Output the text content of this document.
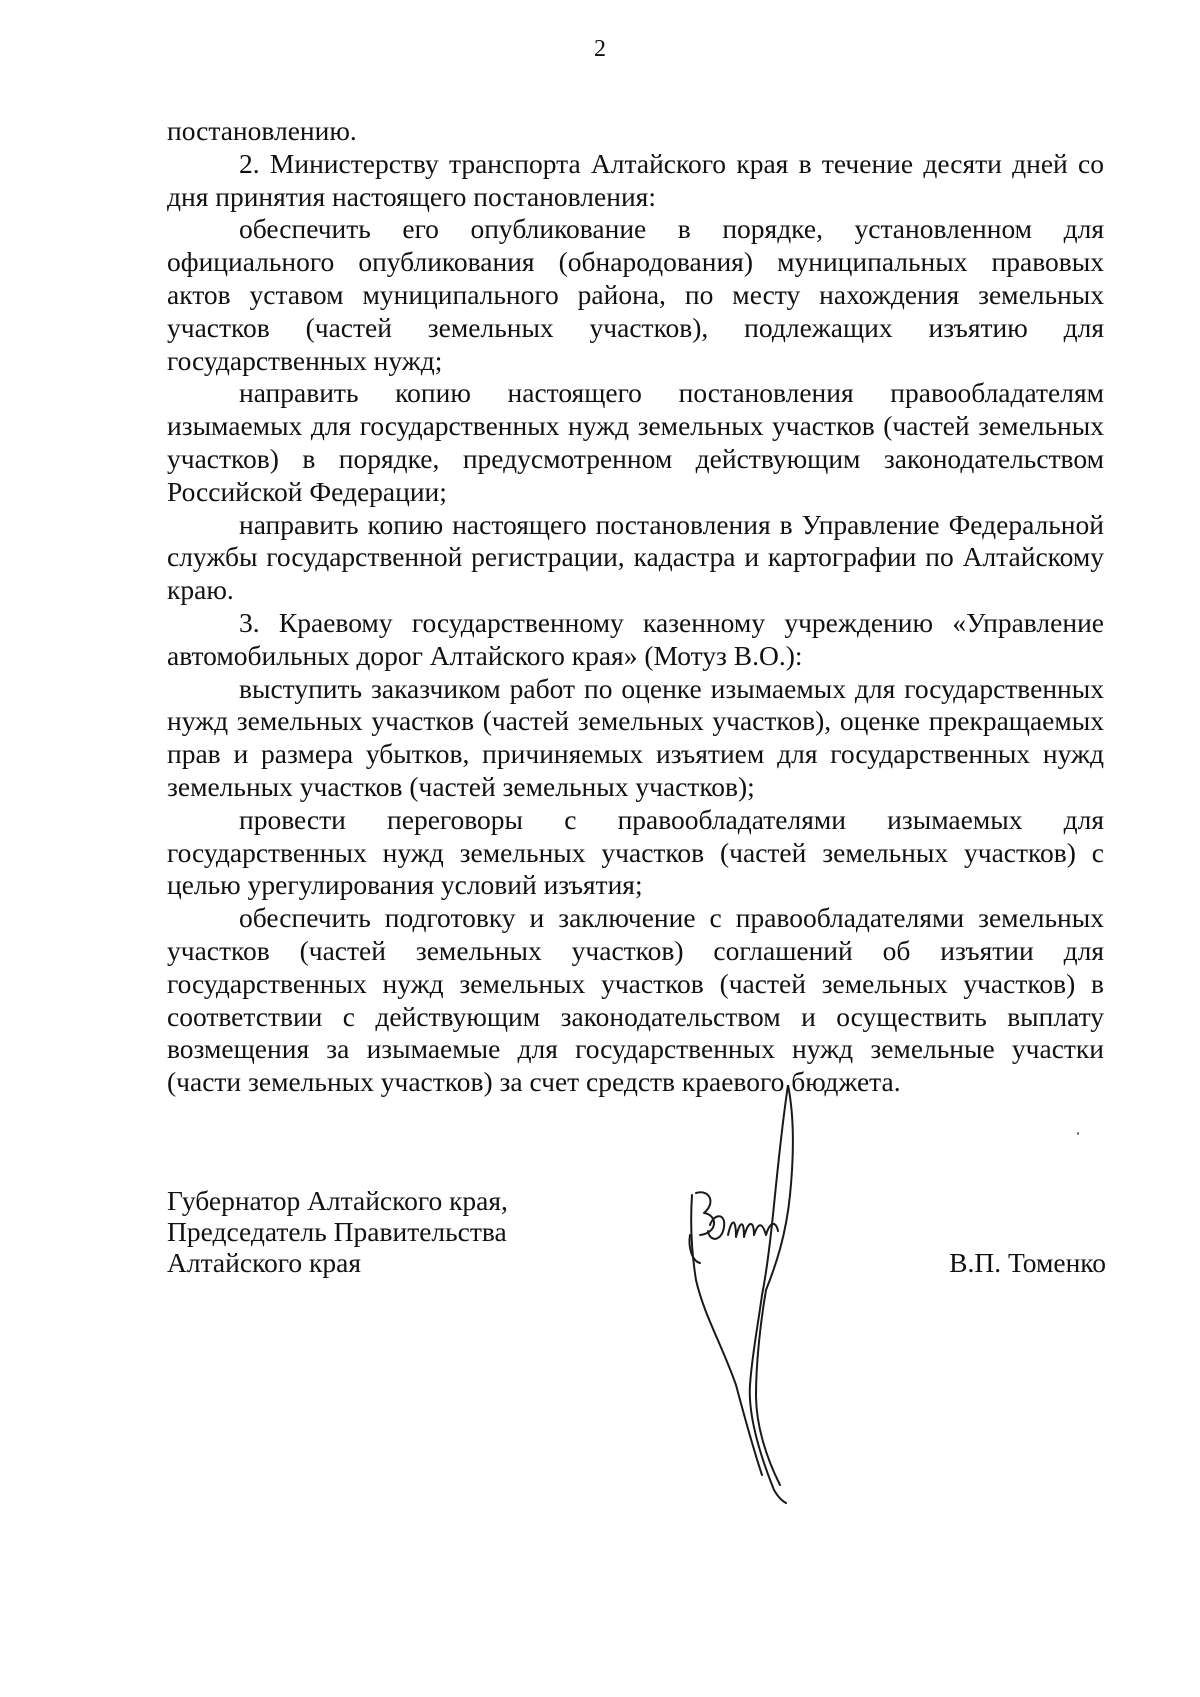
2

постановлению.

2. Министерству транспорта Алтайского края в течение десяти дней со дня принятия настоящего постановления:

обеспечить его опубликование в порядке, установленном для официального опубликования (обнародования) муниципальных правовых актов уставом муниципального района, по месту нахождения земельных участков (частей земельных участков), подлежащих изъятию для государственных нужд;

направить копию настоящего постановления правообладателям изымаемых для государственных нужд земельных участков (частей земельных участков) в порядке, предусмотренном действующим законодательством Российской Федерации;

направить копию настоящего постановления в Управление Федеральной службы государственной регистрации, кадастра и картографии по Алтайскому краю.

3. Краевому государственному казенному учреждению «Управление автомобильных дорог Алтайского края» (Мотуз В.О.):

выступить заказчиком работ по оценке изымаемых для государственных нужд земельных участков (частей земельных участков), оценке прекращаемых прав и размера убытков, причиняемых изъятием для государственных нужд земельных участков (частей земельных участков);

провести переговоры с правообладателями изымаемых для государственных нужд земельных участков (частей земельных участков) с целью урегулирования условий изъятия;

обеспечить подготовку и заключение с правообладателями земельных участков (частей земельных участков) соглашений об изъятии для государственных нужд земельных участков (частей земельных участков) в соответствии с действующим законодательством и осуществить выплату возмещения за изымаемые для государственных нужд земельные участки (части земельных участков) за счет средств краевого бюджета.

Губернатор Алтайского края,
Председатель Правительства
Алтайского края	В.П. Томенко
